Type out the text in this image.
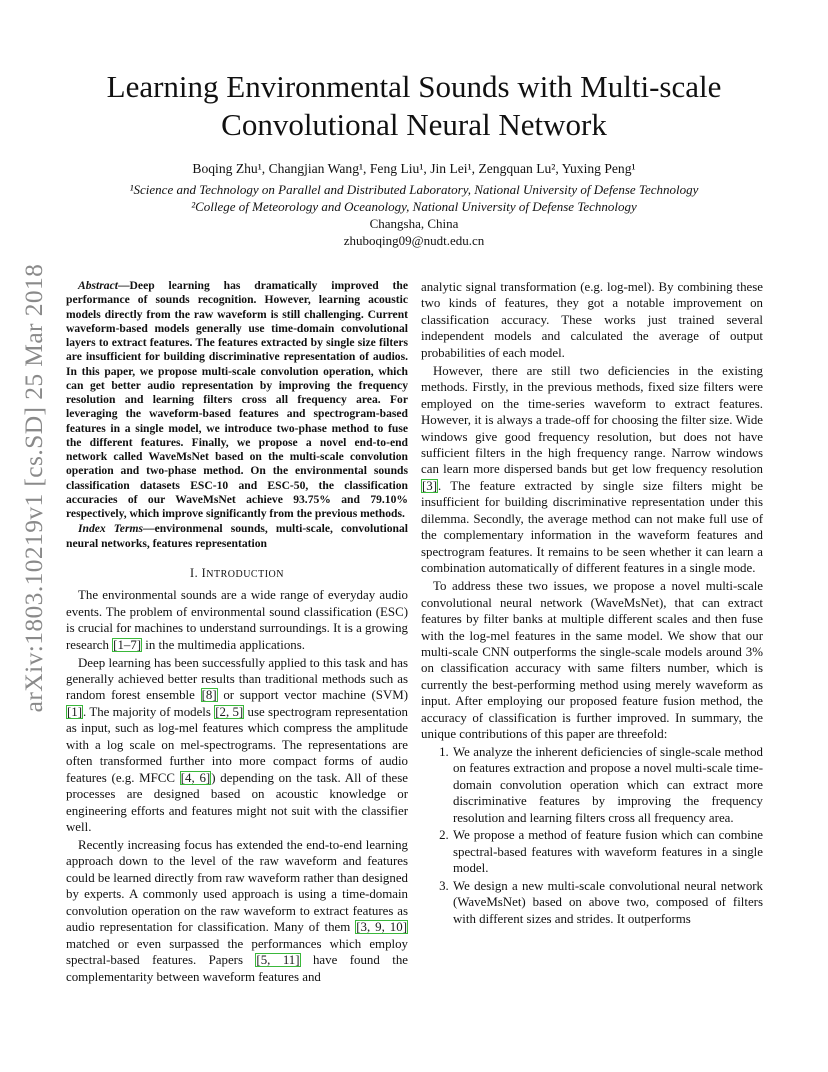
arXiv:1803.10219v1 [cs.SD] 25 Mar 2018
Learning Environmental Sounds with Multi-scale
Convolutional Neural Network
Boqing Zhu¹, Changjian Wang¹, Feng Liu¹, Jin Lei¹, Zengquan Lu², Yuxing Peng¹
¹Science and Technology on Parallel and Distributed Laboratory, National University of Defense Technology
²College of Meteorology and Oceanology, National University of Defense Technology
Changsha, China
zhuboqing09@nudt.edu.cn

Abstract—Deep learning has dramatically improved the performance of sounds recognition. However, learning acoustic models directly from the raw waveform is still challenging. Current waveform-based models generally use time-domain convolutional layers to extract features. The features extracted by single size filters are insufficient for building discriminative representation of audios. In this paper, we propose multi-scale convolution operation, which can get better audio representation by improving the frequency resolution and learning filters cross all frequency area. For leveraging the waveform-based features and spectrogram-based features in a single model, we introduce two-phase method to fuse the different features. Finally, we propose a novel end-to-end network called WaveMsNet based on the multi-scale convolution operation and two-phase method. On the environmental sounds classification datasets ESC-10 and ESC-50, the classification accuracies of our WaveMsNet achieve 93.75% and 79.10% respectively, which improve significantly from the previous methods.

Index Terms—environmenal sounds, multi-scale, convolutional neural networks, features representation

I. INTRODUCTION

The environmental sounds are a wide range of everyday audio events. The problem of environmental sound classification (ESC) is crucial for machines to understand surroundings. It is a growing research [1–7] in the multimedia applications.

Deep learning has been successfully applied to this task and has generally achieved better results than traditional methods such as random forest ensemble [8] or support vector machine (SVM) [1]. The majority of models [2, 5] use spectrogram representation as input, such as log-mel features which compress the amplitude with a log scale on mel-spectrograms. The representations are often transformed further into more compact forms of audio features (e.g. MFCC [4, 6]) depending on the task. All of these processes are designed based on acoustic knowledge or engineering efforts and features might not suit with the classifier well.

Recently increasing focus has extended the end-to-end learning approach down to the level of the raw waveform and features could be learned directly from raw waveform rather than designed by experts. A commonly used approach is using a time-domain convolution operation on the raw waveform to extract features as audio representation for classification. Many of them [3, 9, 10] matched or even surpassed the performances which employ spectral-based features. Papers [5, 11] have found the complementarity between waveform features and

analytic signal transformation (e.g. log-mel). By combining these two kinds of features, they got a notable improvement on classification accuracy. These works just trained several independent models and calculated the average of output probabilities of each model.

However, there are still two deficiencies in the existing methods. Firstly, in the previous methods, fixed size filters were employed on the time-series waveform to extract features. However, it is always a trade-off for choosing the filter size. Wide windows give good frequency resolution, but does not have sufficient filters in the high frequency range. Narrow windows can learn more dispersed bands but get low frequency resolution [3]. The feature extracted by single size filters might be insufficient for building discriminative representation under this dilemma. Secondly, the average method can not make full use of the complementary information in the waveform features and spectrogram features. It remains to be seen whether it can learn a combination automatically of different features in a single mode.

To address these two issues, we propose a novel multi-scale convolutional neural network (WaveMsNet), that can extract features by filter banks at multiple different scales and then fuse with the log-mel features in the same model. We show that our multi-scale CNN outperforms the single-scale models around 3% on classification accuracy with same filters number, which is currently the best-performing method using merely waveform as input. After employing our proposed feature fusion method, the accuracy of classification is further improved. In summary, the unique contributions of this paper are threefold:

1. We analyze the inherent deficiencies of single-scale method on features extraction and propose a novel multi-scale time-domain convolution operation which can extract more discriminative features by improving the frequency resolution and learning filters cross all frequency area.
2. We propose a method of feature fusion which can combine spectral-based features with waveform features in a single model.
3. We design a new multi-scale convolutional neural network (WaveMsNet) based on above two, composed of filters with different sizes and strides. It outperforms
